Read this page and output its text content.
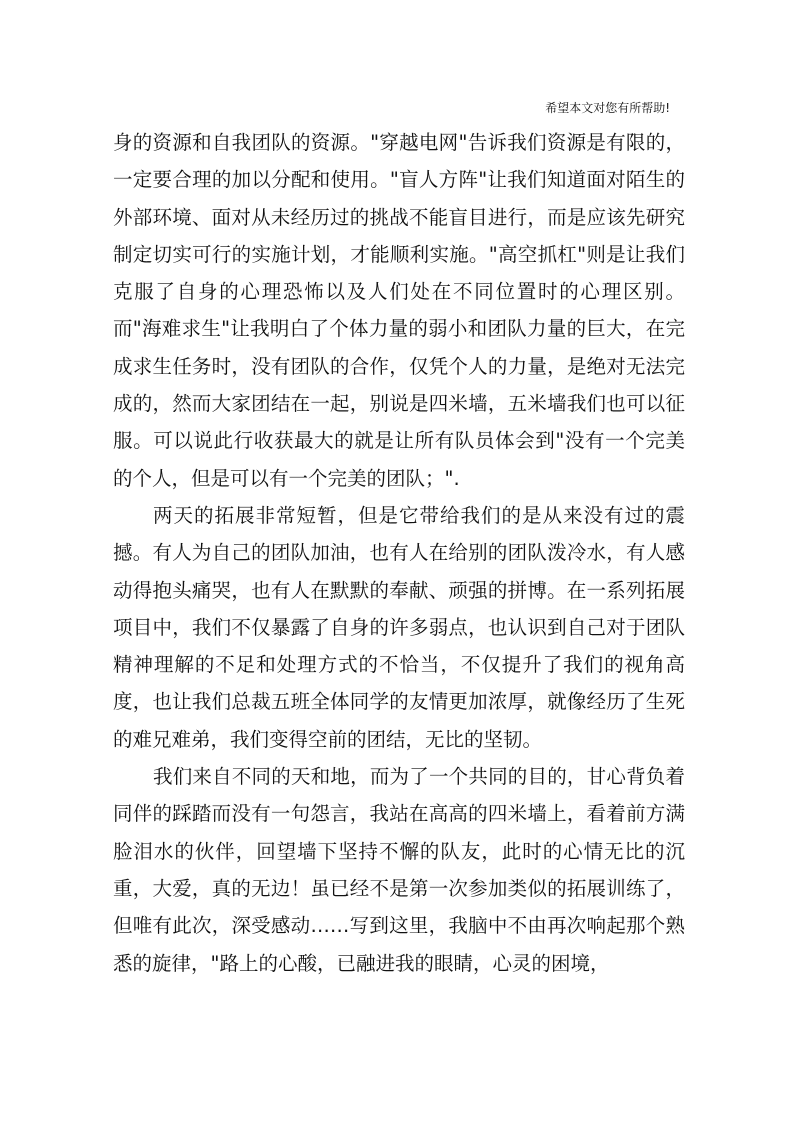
希望本文对您有所帮助!

身的资源和自我团队的资源。"穿越电网"告诉我们资源是有限的，一定要合理的加以分配和使用。"盲人方阵"让我们知道面对陌生的外部环境、面对从未经历过的挑战不能盲目进行，而是应该先研究制定切实可行的实施计划，才能顺利实施。"高空抓杠"则是让我们克服了自身的心理恐怖以及人们处在不同位置时的心理区别。而"海难求生"让我明白了个体力量的弱小和团队力量的巨大，在完成求生任务时，没有团队的合作，仅凭个人的力量，是绝对无法完成的，然而大家团结在一起，别说是四米墙，五米墙我们也可以征服。可以说此行收获最大的就是让所有队员体会到"没有一个完美的个人，但是可以有一个完美的团队；".

两天的拓展非常短暂，但是它带给我们的是从来没有过的震撼。有人为自己的团队加油，也有人在给别的团队泼冷水，有人感动得抱头痛哭，也有人在默默的奉献、顽强的拼博。在一系列拓展项目中，我们不仅暴露了自身的许多弱点，也认识到自己对于团队精神理解的不足和处理方式的不恰当，不仅提升了我们的视角高度，也让我们总裁五班全体同学的友情更加浓厚，就像经历了生死的难兄难弟，我们变得空前的团结，无比的坚韧。

我们来自不同的天和地，而为了一个共同的目的，甘心背负着同伴的踩踏而没有一句怨言，我站在高高的四米墙上，看着前方满脸泪水的伙伴，回望墙下坚持不懈的队友，此时的心情无比的沉重，大爱，真的无边！虽已经不是第一次参加类似的拓展训练了，但唯有此次，深受感动……写到这里，我脑中不由再次响起那个熟悉的旋律，"路上的心酸，已融进我的眼睛，心灵的困境，
